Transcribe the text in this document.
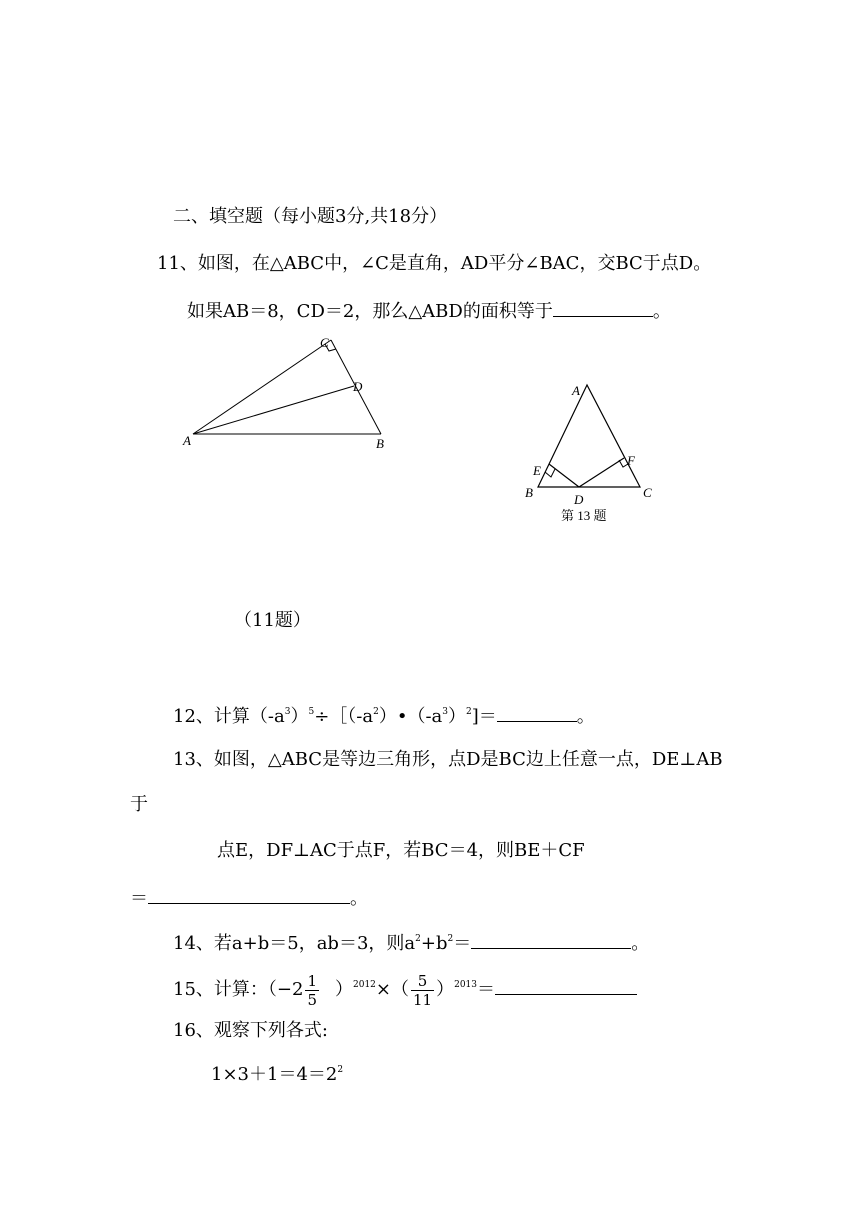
二、填空题（每小题3分,共18分）
11、如图，在△ABC中，∠C是直角，AD平分∠BAC，交BC于点D。
如果AB＝8，CD＝2，那么△ABD的面积等于	。
A	B
C
D	A
B	C
D
E
F
第 13 题
（11题）
12、计算$(-a^3)^5\div[(-a^2)•(-a^3)^2]=$	。
13、如图，△ABC是等边三角形，点D是BC边上任意一点，DE⊥AB
于
点E，DF⊥AC于点F，若BC＝4，则BE＋CF
＝	。
14、若a+b＝5，ab＝3，则$a^2+b^2=$	。
15、计算：$(-2 \frac{1}{5} )^{2012}\times( \frac{5}{11} )^{2013}=$
16、观察下列各式:
$1\times 3+1=4=2^2$
